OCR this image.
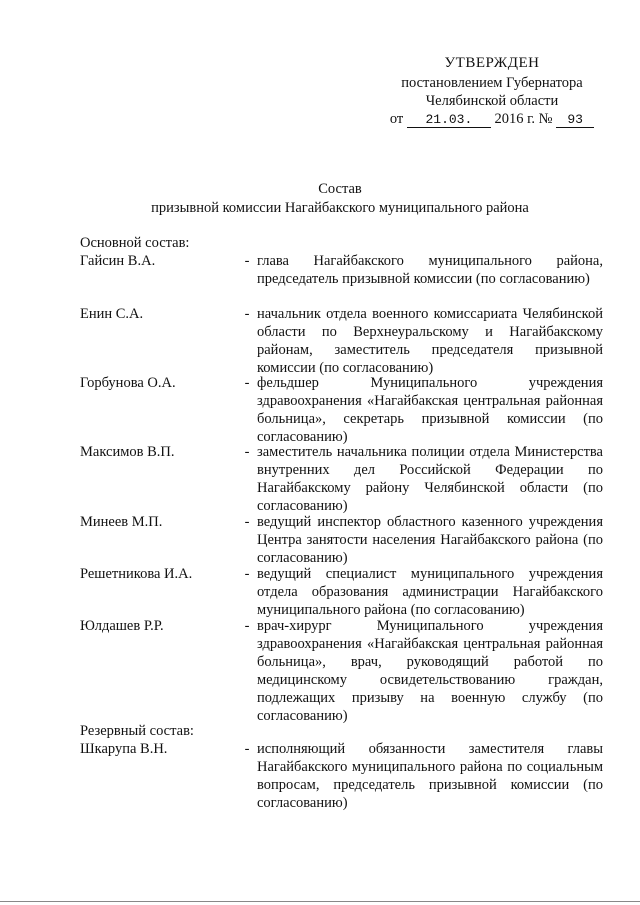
УТВЕРЖДЕН
постановлением Губернатора
Челябинской области
от 21.03. 2016 г. № 93
Состав
призывной комиссии Нагайбакского муниципального района
Основной состав:
Гайсин В.А.	- глава Нагайбакского муниципального района, председатель призывной комиссии (по согласованию)
Енин С.А.	- начальник отдела военного комиссариата Челябинской области по Верхнеуральскому и Нагайбакскому районам, заместитель председателя призывной комиссии (по согласованию)
Горбунова О.А.	- фельдшер Муниципального учреждения здравоохранения «Нагайбакская центральная районная больница», секретарь призывной комиссии (по согласованию)
Максимов В.П.	- заместитель начальника полиции отдела Министерства внутренних дел Российской Федерации по Нагайбакскому району Челябинской области (по согласованию)
Минеев М.П.	- ведущий инспектор областного казенного учреждения Центра занятости населения Нагайбакского района (по согласованию)
Решетникова И.А.	- ведущий специалист муниципального учреждения отдела образования администрации Нагайбакского муниципального района (по согласованию)
Юлдашев Р.Р.	- врач-хирург Муниципального учреждения здравоохранения «Нагайбакская центральная районная больница», врач, руководящий работой по медицинскому освидетельствованию граждан, подлежащих призыву на военную службу (по согласованию)
Резервный состав:
Шкарупа В.Н.	- исполняющий обязанности заместителя главы Нагайбакского муниципального района по социальным вопросам, председатель призывной комиссии (по согласованию)
